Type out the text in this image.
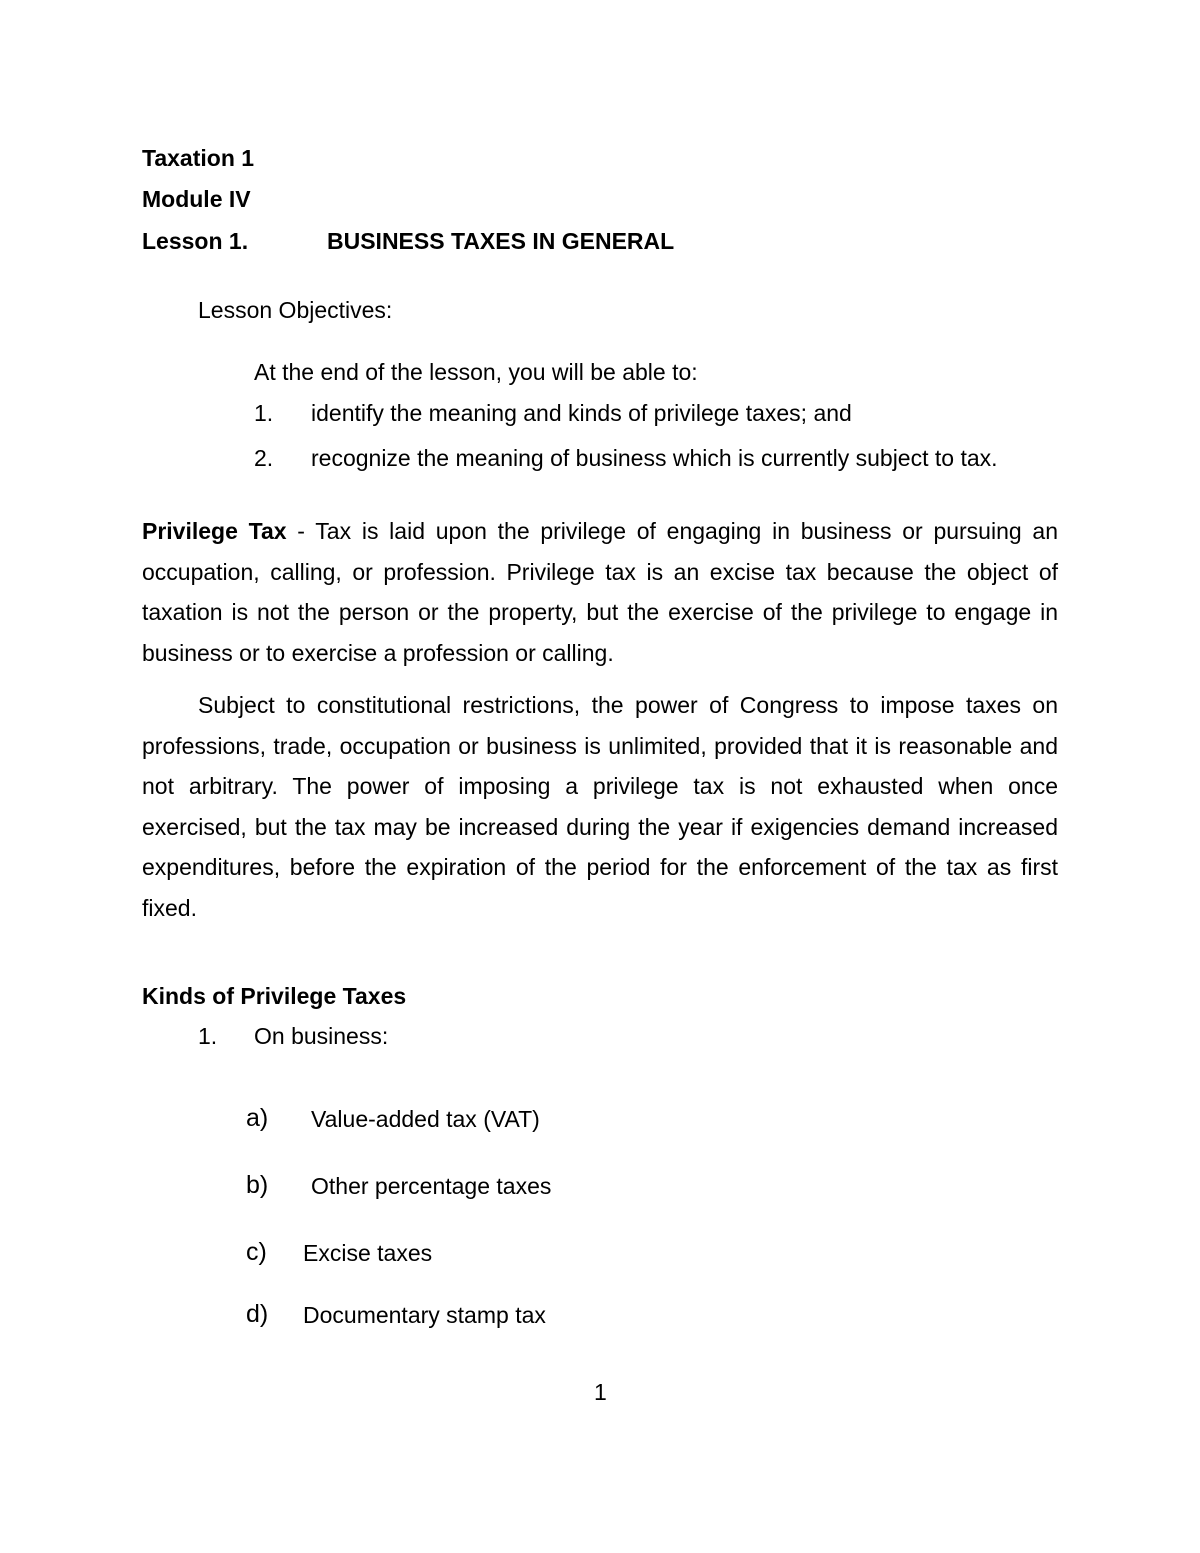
Taxation 1
Module IV
Lesson 1.	BUSINESS TAXES IN GENERAL
Lesson Objectives:
At the end of the lesson, you will be able to:
1. identify the meaning and kinds of privilege taxes; and
2. recognize the meaning of business which is currently subject to tax.

Privilege Tax - Tax is laid upon the privilege of engaging in business or pursuing an occupation, calling, or profession. Privilege tax is an excise tax because the object of taxation is not the person or the property, but the exercise of the privilege to engage in business or to exercise a profession or calling.

Subject to constitutional restrictions, the power of Congress to impose taxes on professions, trade, occupation or business is unlimited, provided that it is reasonable and not arbitrary. The power of imposing a privilege tax is not exhausted when once exercised, but the tax may be increased during the year if exigencies demand increased expenditures, before the expiration of the period for the enforcement of the tax as first fixed.

Kinds of Privilege Taxes
1. On business:
a) Value-added tax (VAT)
b) Other percentage taxes
c) Excise taxes
d) Documentary stamp tax
1
